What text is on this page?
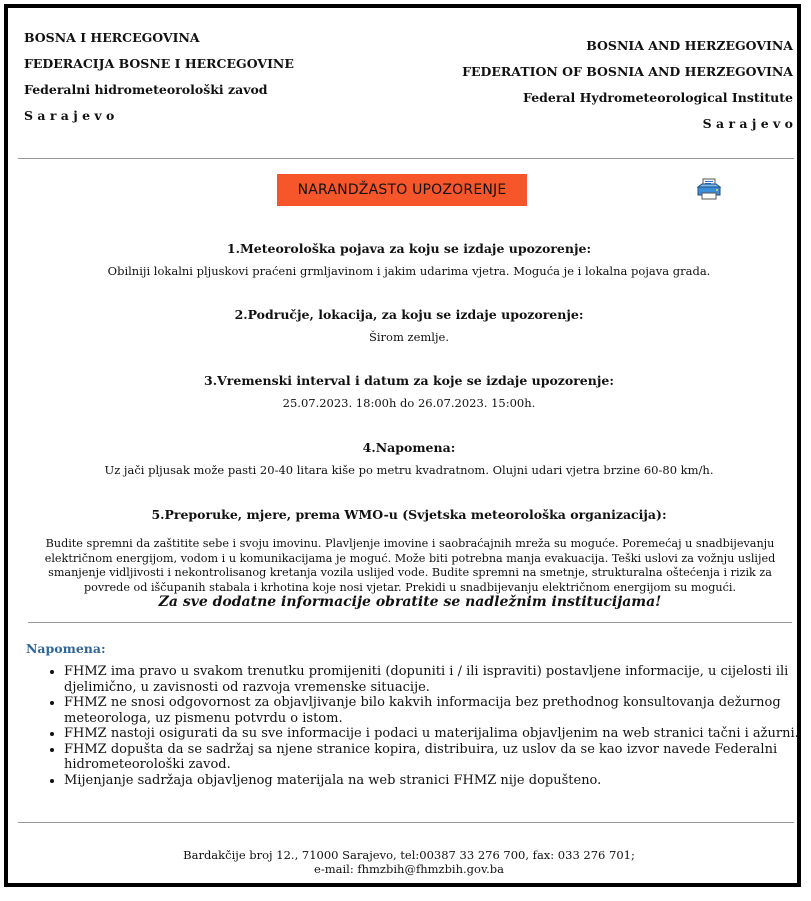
BOSNA I HERCEGOVINA
FEDERACIJA BOSNE I HERCEGOVINE
Federalni hidrometeorološki zavod
S a r a j e v o
BOSNIA AND HERZEGOVINA
FEDERATION OF BOSNIA AND HERZEGOVINA
Federal Hydrometeorological Institute
S a r a j e v o
NARANDŽASTO UPOZORENJE
1.Meteorološka pojava za koju se izdaje upozorenje:
Obilniji lokalni pljuskovi praćeni grmljavinom i jakim udarima vjetra. Moguća je i lokalna pojava grada.
2.Područje, lokacija, za koju se izdaje upozorenje:
Širom zemlje.
3.Vremenski interval i datum za koje se izdaje upozorenje:
25.07.2023. 18:00h do 26.07.2023. 15:00h.
4.Napomena:
Uz jači pljusak može pasti 20-40 litara kiše po metru kvadratnom. Olujni udari vjetra brzine 60-80 km/h.
5.Preporuke, mjere, prema WMO-u (Svjetska meteorološka organizacija):
Budite spremni da zaštitite sebe i svoju imovinu. Plavljenje imovine i saobraćajnih mreža su moguće. Poremećaj u snadbijevanju električnom energijom, vodom i u komunikacijama je moguć. Može biti potrebna manja evakuacija. Teški uslovi za vožnju uslijed smanjenje vidljivosti i nekontrolisanog kretanja vozila uslijed vode. Budite spremni na smetnje, strukturalna oštećenja i rizik za povrede od iščupanih stabala i krhotina koje nosi vjetar. Prekidi u snadbijevanju električnom energijom su mogući.
Za sve dodatne informacije obratite se nadležnim institucijama!
Napomena:
• FHMZ ima pravo u svakom trenutku promijeniti (dopuniti i / ili ispraviti) postavljene informacije, u cijelosti ili djelimično, u zavisnosti od razvoja vremenske situacije.
• FHMZ ne snosi odgovornost za objavljivanje bilo kakvih informacija bez prethodnog konsultovanja dežurnog meteorologa, uz pismenu potvrdu o istom.
• FHMZ nastoji osigurati da su sve informacije i podaci u materijalima objavljenim na web stranici tačni i ažurni.
• FHMZ dopušta da se sadržaj sa njene stranice kopira, distribuira, uz uslov da se kao izvor navede Federalni hidrometeorološki zavod.
• Mijenjanje sadržaja objavljenog materijala na web stranici FHMZ nije dopušteno.
Bardakčije broj 12., 71000 Sarajevo, tel:00387 33 276 700, fax: 033 276 701;
e-mail: fhmzbih@fhmzbih.gov.ba
